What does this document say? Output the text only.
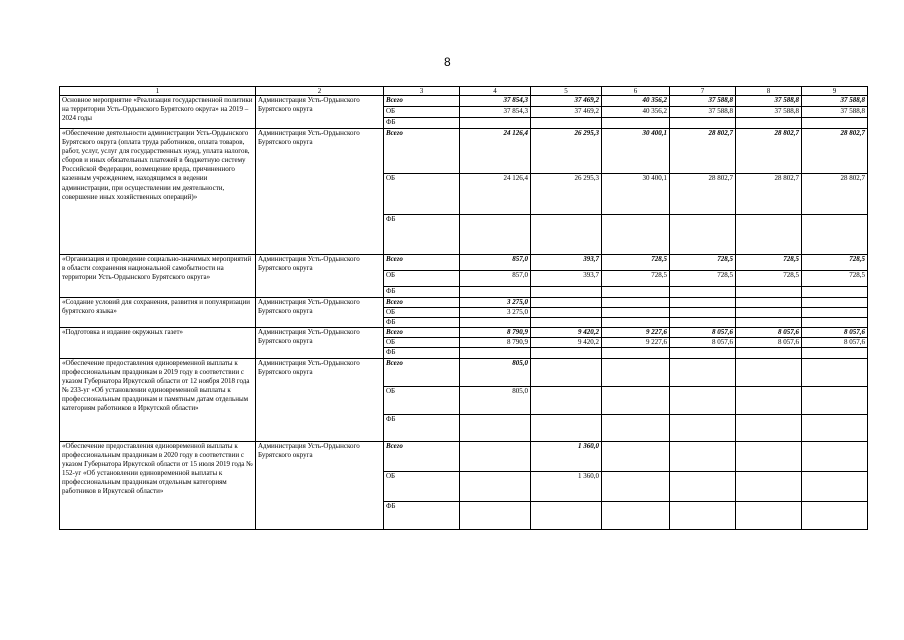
8
1	2	3	4	5	6	7	8	9
Основное мероприятие «Реализация государственной политики на территории Усть-Ордынского Бурятского округа» на 2019 – 2024 годы	Администрация Усть-Ордынского Бурятского округа	Всего	37 854,3	37 469,2	40 356,2	37 588,8	37 588,8	37 588,8
		ОБ	37 854,3	37 469,2	40 356,2	37 588,8	37 588,8	37 588,8
		ФБ						
«Обеспечение деятельности администрации Усть-Ордынского Бурятского округа (оплата труда работников, оплата товаров, работ, услуг, услуг для государственных нужд, уплата налогов, сборов и иных обязательных платежей в бюджетную систему Российской Федерации, возмещение вреда, причиненного казенным учреждением, находящимся в ведении администрации, при осуществлении им деятельности, совершение иных хозяйственных операций)»	Администрация Усть-Ордынского Бурятского округа	Всего	24 126,4	26 295,3	30 400,1	28 802,7	28 802,7	28 802,7
		ОБ	24 126,4	26 295,3	30 400,1	28 802,7	28 802,7	28 802,7
		ФБ						
«Организация и проведение социально-значимых мероприятий в области сохранения национальной самобытности на территории Усть-Ордынского Бурятского округа»	Администрация Усть-Ордынского Бурятского округа	Всего	857,0	393,7	728,5	728,5	728,5	728,5
		ОБ	857,0	393,7	728,5	728,5	728,5	728,5
		ФБ						
«Создание условий для сохранения, развития и популяризации бурятского языка»	Администрация Усть-Ордынского Бурятского округа	Всего	3 275,0					
		ОБ	3 275,0					
		ФБ						
«Подготовка и издание окружных газет»	Администрация Усть-Ордынского Бурятского округа	Всего	8 790,9	9 420,2	9 227,6	8 057,6	8 057,6	8 057,6
		ОБ	8 790,9	9 420,2	9 227,6	8 057,6	8 057,6	8 057,6
		ФБ						
«Обеспечение предоставления единовременной выплаты к профессиональным праздникам в 2019 году в соответствии с указом Губернатора Иркутской области от 12 ноября 2018 года № 233-уг «Об установлении единовременной выплаты к профессиональным праздникам и памятным датам отдельным категориям работников в Иркутской области»	Администрация Усть-Ордынского Бурятского округа	Всего	805,0					
		ОБ	805,0					
		ФБ						
«Обеспечение предоставления единовременной выплаты к профессиональным праздникам в 2020 году в соответствии с указом Губернатора Иркутской области от 15 июля 2019 года № 152-уг «Об установлении единовременной выплаты к профессиональным праздникам отдельным категориям работников в Иркутской области»	Администрация Усть-Ордынского Бурятского округа	Всего		1 360,0				
		ОБ		1 360,0				
		ФБ						
